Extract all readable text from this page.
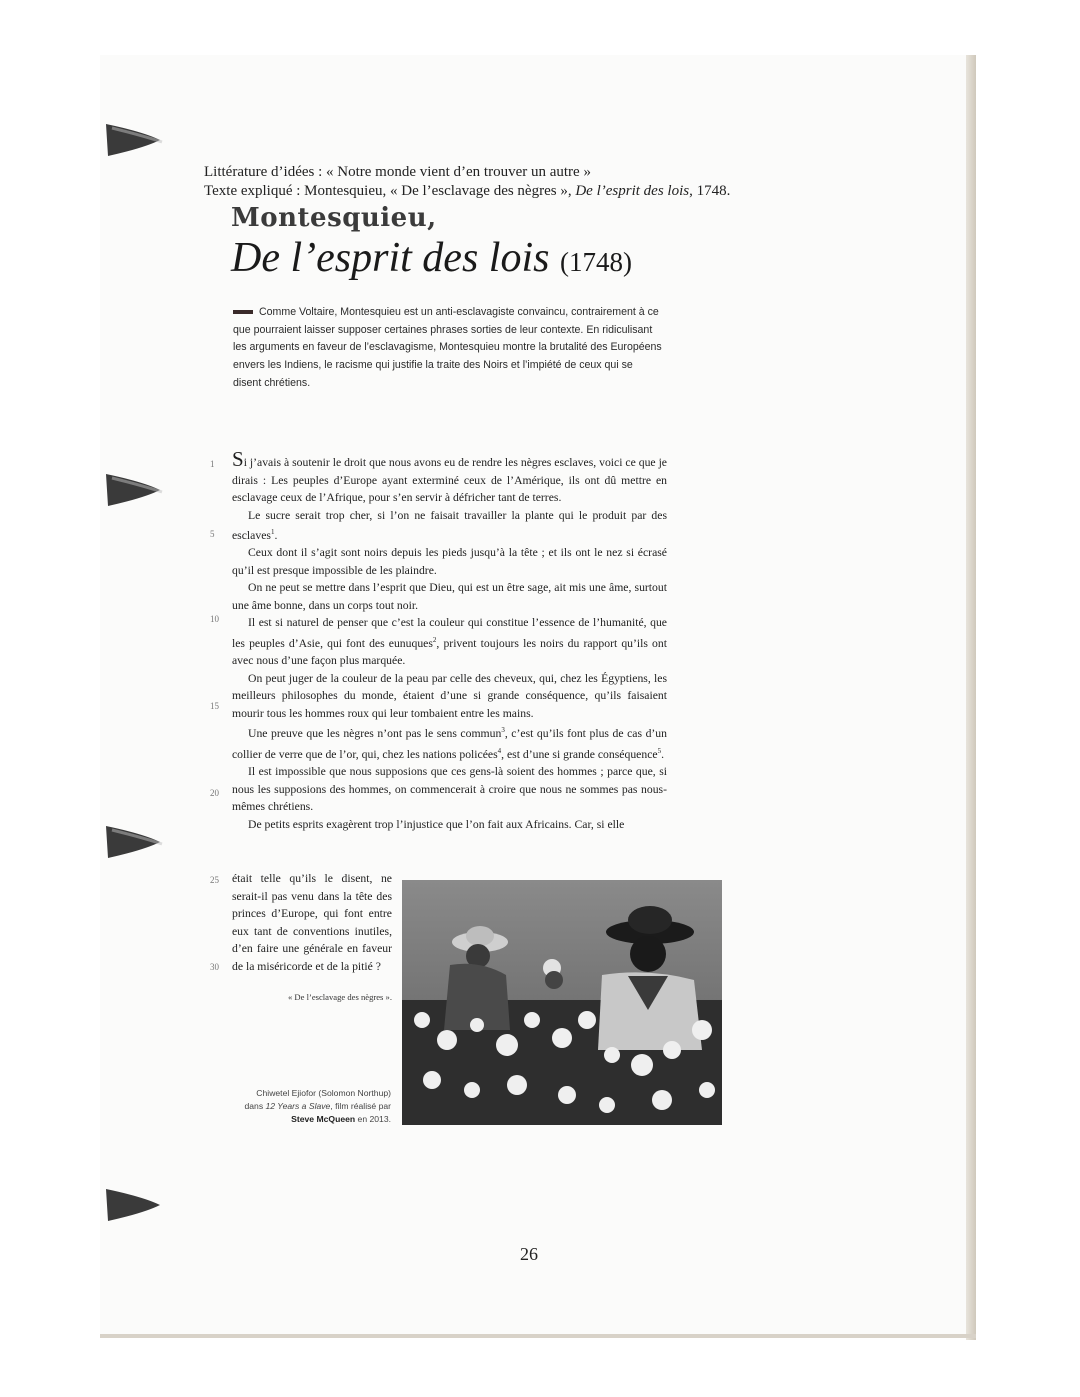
Littérature d’idées : « Notre monde vient d’en trouver un autre »
Texte expliqué : Montesquieu, « De l’esclavage des nègres », De l’esprit des lois, 1748.
Montesquieu,
De l’esprit des lois (1748)

Comme Voltaire, Montesquieu est un anti-esclavagiste convaincu, contrairement à ce que pourraient laisser supposer certaines phrases sorties de leur contexte. En ridiculisant les arguments en faveur de l’esclavagisme, Montesquieu montre la brutalité des Européens envers les Indiens, le racisme qui justifie la traite des Noirs et l’impiété de ceux qui se disent chrétiens.

1
5
10
15
20
25
30

Si j’avais à soutenir le droit que nous avons eu de rendre les nègres esclaves, voici ce que je dirais : Les peuples d’Europe ayant exterminé ceux de l’Amérique, ils ont dû mettre en esclavage ceux de l’Afrique, pour s’en servir à défricher tant de terres.

Le sucre serait trop cher, si l’on ne faisait travailler la plante qui le produit par des esclaves$^1$.

Ceux dont il s’agit sont noirs depuis les pieds jusqu’à la tête ; et ils ont le nez si écrasé qu’il est presque impossible de les plaindre.

On ne peut se mettre dans l’esprit que Dieu, qui est un être sage, ait mis une âme, surtout une âme bonne, dans un corps tout noir.

Il est si naturel de penser que c’est la couleur qui constitue l’essence de l’humanité, que les peuples d’Asie, qui font des eunuques$^2$, privent toujours les noirs du rapport qu’ils ont avec nous d’une façon plus marquée.

On peut juger de la couleur de la peau par celle des cheveux, qui, chez les Égyptiens, les meilleurs philosophes du monde, étaient d’une si grande conséquence, qu’ils faisaient mourir tous les hommes roux qui leur tombaient entre les mains.

Une preuve que les nègres n’ont pas le sens commun$^3$, c’est qu’ils font plus de cas d’un collier de verre que de l’or, qui, chez les nations policées$^4$, est d’une si grande conséquence$^5$.

Il est impossible que nous supposions que ces gens-là soient des hommes ; parce que, si nous les supposions des hommes, on commencerait à croire que nous ne sommes pas nous-mêmes chrétiens.

De petits esprits exagèrent trop l’injustice que l’on fait aux Africains. Car, si elle

était telle qu’ils le disent, ne serait-il pas venu dans la tête des princes d’Europe, qui font entre eux tant de conventions inutiles, d’en faire une générale en faveur de la miséricorde et de la pitié ?
« De l’esclavage des nègres ».
Chiwetel Ejiofor (Solomon Northup)
dans 12 Years a Slave, film réalisé par
Steve McQueen en 2013.
26
